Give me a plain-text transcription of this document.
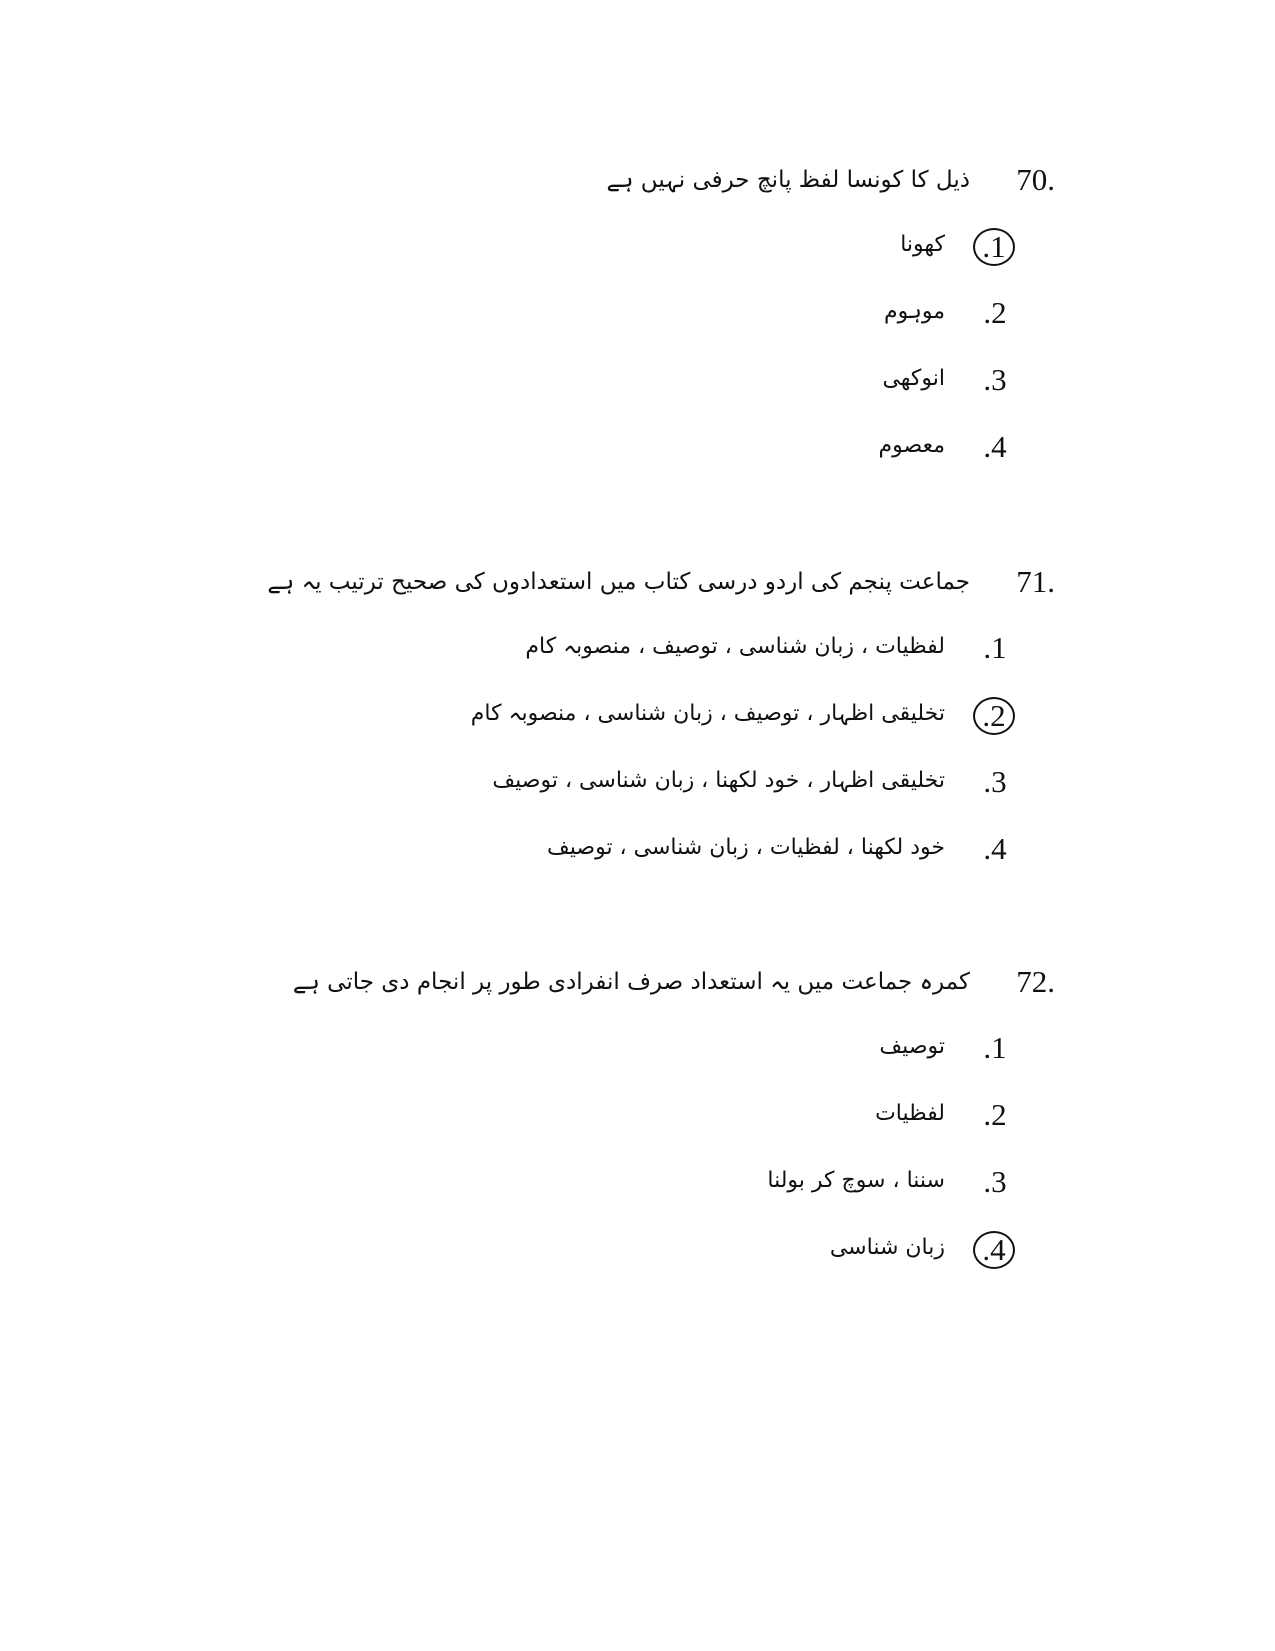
70.
ذیل کا کونسا لفظ پانچ حرفی نہیں ہے
.1
کھونا
.2
موہوم
.3
انوکھی
.4
معصوم
71.
جماعت پنجم کی اردو درسی کتاب میں استعدادوں کی صحیح ترتیب یہ ہے
.1
لفظیات ، زبان شناسی ، توصیف ، منصوبہ کام
.2
تخلیقی اظہار ، توصیف ، زبان شناسی ، منصوبہ کام
.3
تخلیقی اظہار ، خود لکھنا ، زبان شناسی ، توصیف
.4
خود لکھنا ، لفظیات ، زبان شناسی ، توصیف
72.
کمرہ جماعت میں یہ استعداد صرف انفرادی طور پر انجام دی جاتی ہے
.1
توصیف
.2
لفظیات
.3
سننا ، سوچ کر بولنا
.4
زبان شناسی
